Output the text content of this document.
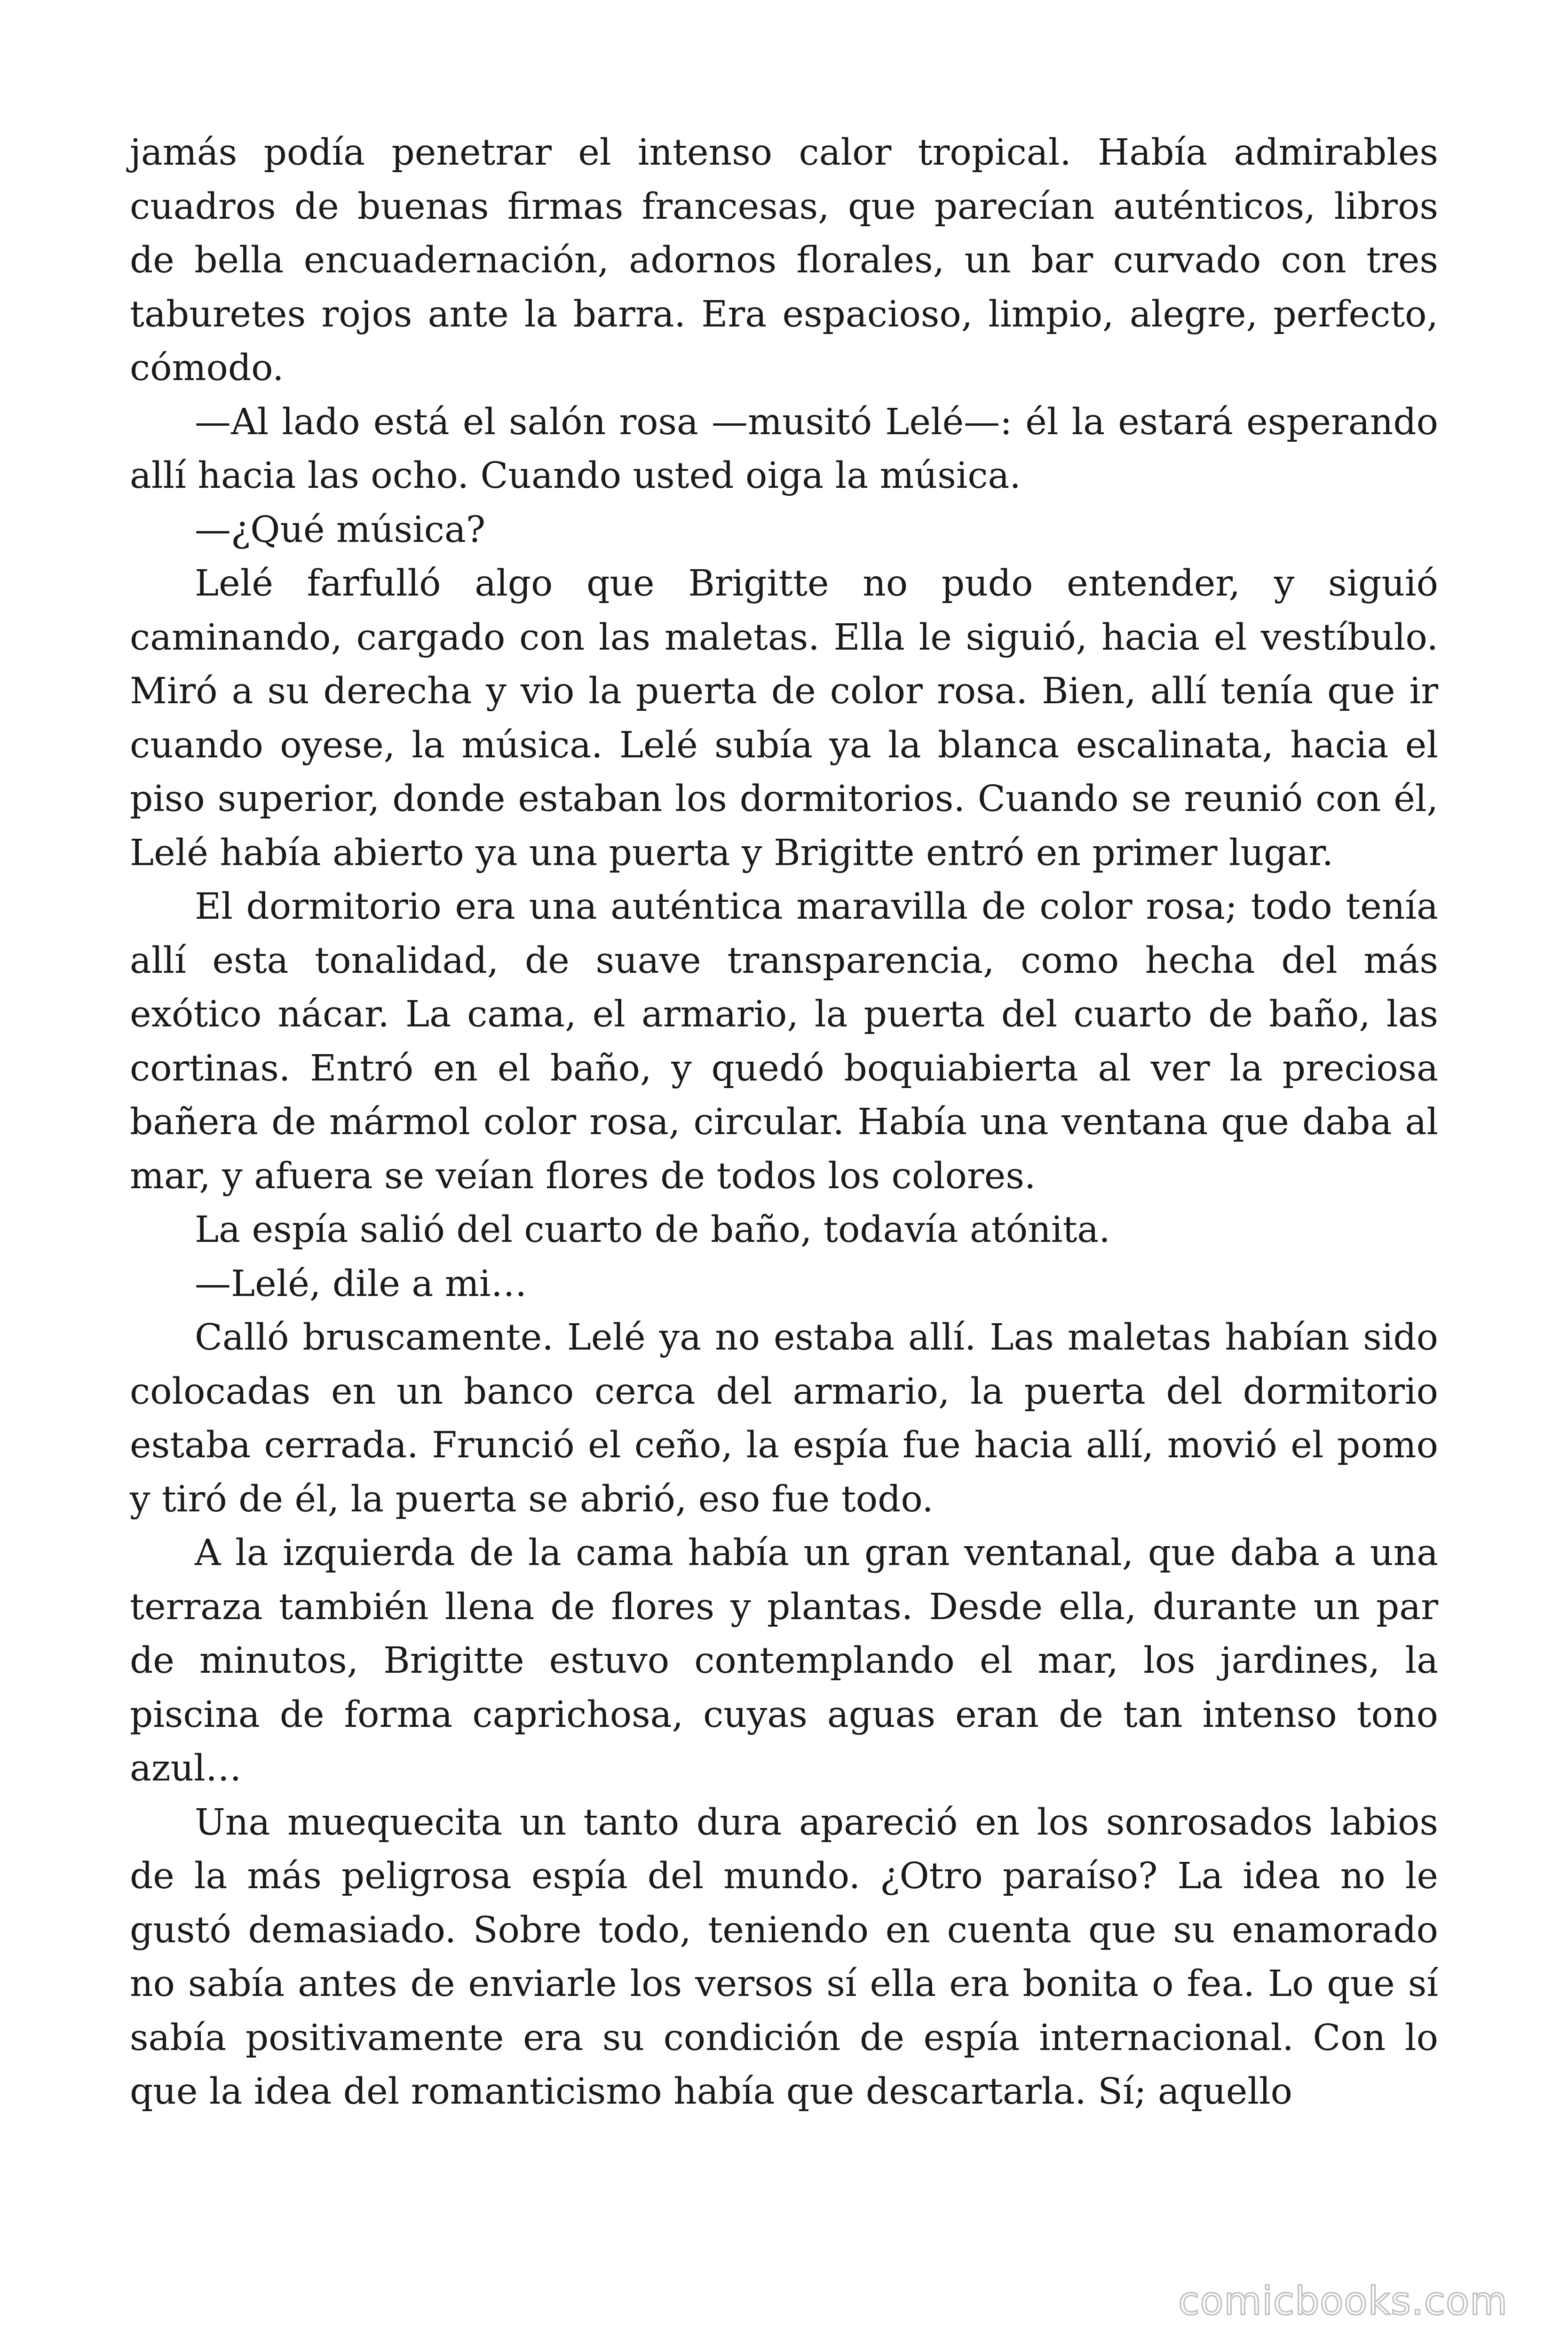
jamás podía penetrar el intenso calor tropical. Había admirables cuadros de buenas firmas francesas, que parecían auténticos, libros de bella encuadernación, adornos florales, un bar curvado con tres taburetes rojos ante la barra. Era espacioso, limpio, alegre, perfecto, cómodo.

—Al lado está el salón rosa —musitó Lelé—: él la estará esperando allí hacia las ocho. Cuando usted oiga la música.

—¿Qué música?

Lelé farfulló algo que Brigitte no pudo entender, y siguió caminando, cargado con las maletas. Ella le siguió, hacia el vestíbulo. Miró a su derecha y vio la puerta de color rosa. Bien, allí tenía que ir cuando oyese, la música. Lelé subía ya la blanca escalinata, hacia el piso superior, donde estaban los dormitorios. Cuando se reunió con él, Lelé había abierto ya una puerta y Brigitte entró en primer lugar.

El dormitorio era una auténtica maravilla de color rosa; todo tenía allí esta tonalidad, de suave transparencia, como hecha del más exótico nácar. La cama, el armario, la puerta del cuarto de baño, las cortinas. Entró en el baño, y quedó boquiabierta al ver la preciosa bañera de mármol color rosa, circular. Había una ventana que daba al mar, y afuera se veían flores de todos los colores.

La espía salió del cuarto de baño, todavía atónita.

—Lelé, dile a mi…

Calló bruscamente. Lelé ya no estaba allí. Las maletas habían sido colocadas en un banco cerca del armario, la puerta del dormitorio estaba cerrada. Frunció el ceño, la espía fue hacia allí, movió el pomo y tiró de él, la puerta se abrió, eso fue todo.

A la izquierda de la cama había un gran ventanal, que daba a una terraza también llena de flores y plantas. Desde ella, durante un par de minutos, Brigitte estuvo contemplando el mar, los jardines, la piscina de forma caprichosa, cuyas aguas eran de tan intenso tono azul…

Una muequecita un tanto dura apareció en los sonrosados labios de la más peligrosa espía del mundo. ¿Otro paraíso? La idea no le gustó demasiado. Sobre todo, teniendo en cuenta que su enamorado no sabía antes de enviarle los versos sí ella era bonita o fea. Lo que sí sabía positivamente era su condición de espía internacional. Con lo que la idea del romanticismo había que descartarla. Sí; aquello

comicbooks.com
